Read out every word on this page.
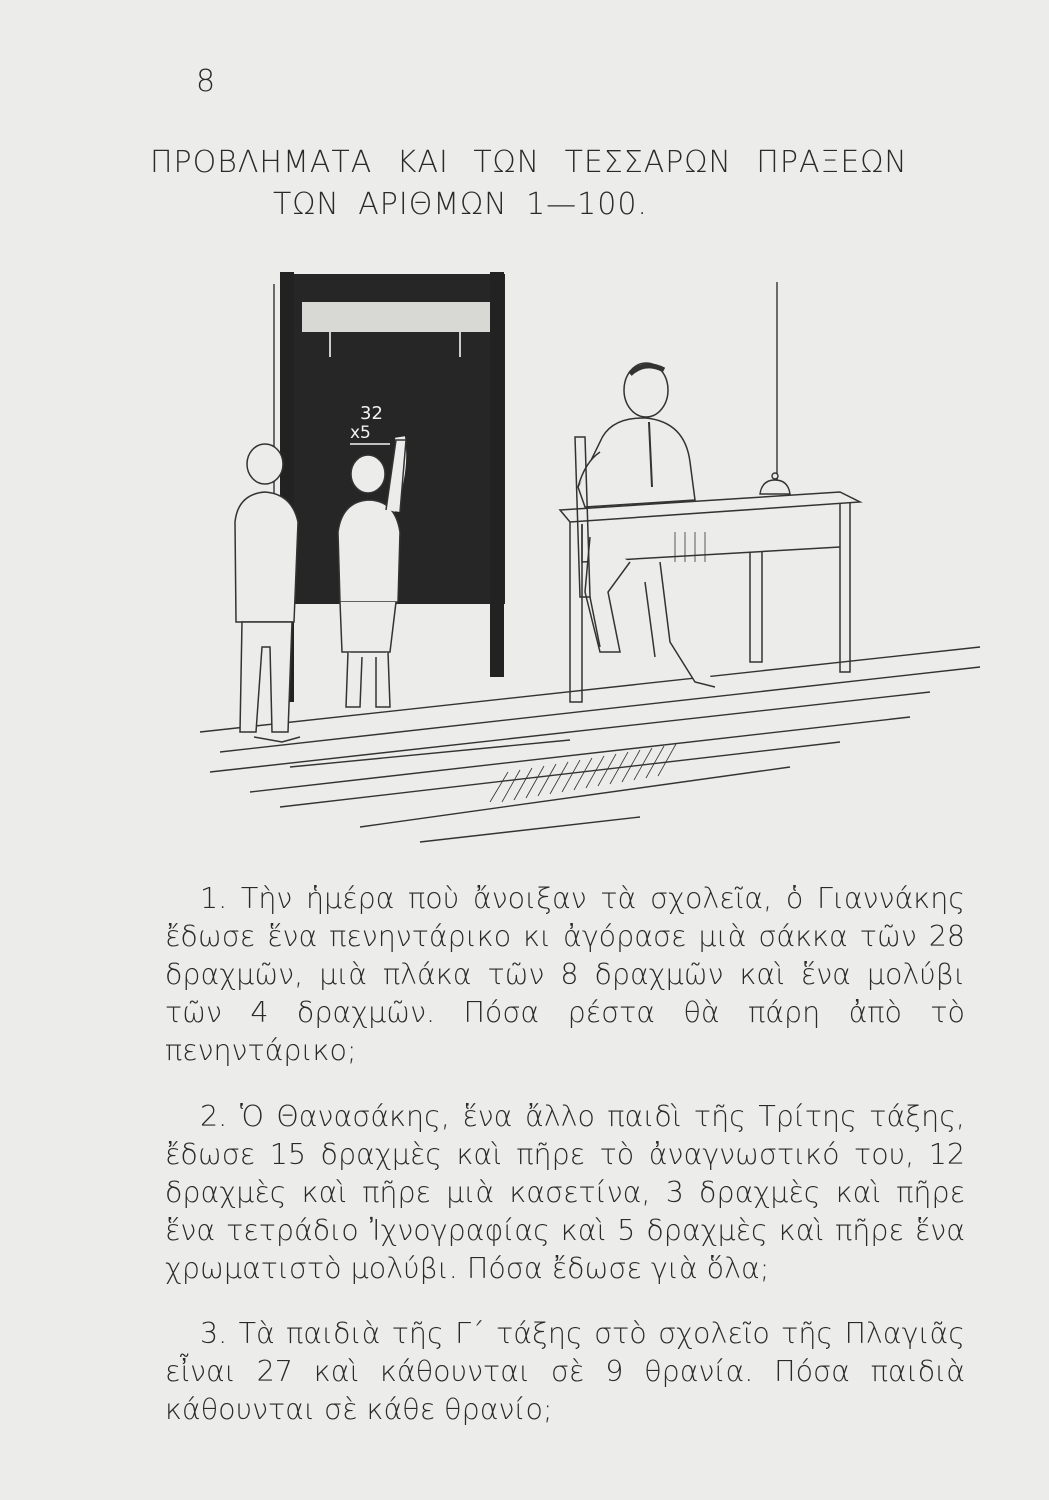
8
ΠΡΟΒΛΗΜΑΤΑ ΚΑΙ ΤΩΝ ΤΕΣΣΑΡΩΝ ΠΡΑΞΕΩΝ
ΤΩΝ ΑΡΙΘΜΩΝ 1—100.
32
x5
1. Τὴν ἡμέρα ποὺ ἄνοιξαν τὰ σχολεῖα, ὁ Γιαννάκης ἔδωσε ἕνα πενηντάρικο κι ἀγόρασε μιὰ σάκκα τῶν 28 δραχμῶν, μιὰ πλάκα τῶν 8 δραχμῶν καὶ ἕνα μολύβι τῶν 4 δραχμῶν. Πόσα ρέστα θὰ πάρη ἀπὸ τὸ πενηντάρικο;
2. Ὁ Θανασάκης, ἕνα ἄλλο παιδὶ τῆς Τρίτης τάξης, ἔδωσε 15 δραχμὲς καὶ πῆρε τὸ ἀναγνωστικό του, 12 δραχμὲς καὶ πῆρε μιὰ κασετίνα, 3 δραχμὲς καὶ πῆρε ἕνα τετράδιο Ἰχνογραφίας καὶ 5 δραχμὲς καὶ πῆρε ἕνα χρωματιστὸ μολύβι. Πόσα ἔδωσε γιὰ ὅλα;
3. Τὰ παιδιὰ τῆς Γ΄ τάξης στὸ σχολεῖο τῆς Πλαγιᾶς εἶναι 27 καὶ κάθουνται σὲ 9 θρανία. Πόσα παιδιὰ κάθουνται σὲ κάθε θρανίο;
